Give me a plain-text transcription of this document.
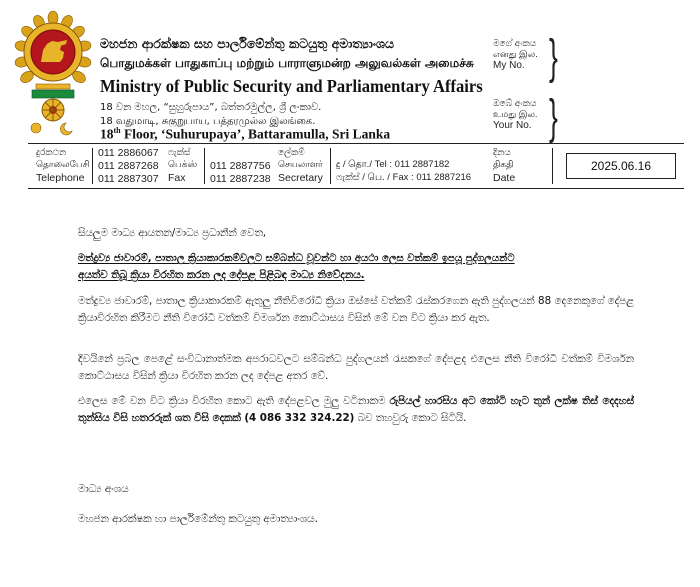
මහජන ආරක්ෂක සහ පාර්ලිමේන්තු කටයුතු අමාත්‍යාංශය
பொதுமக்கள் பாதுகாப்பு மற்றும் பாராளுமன்ற அலுவல்கள் அமைச்சு
Ministry of Public Security and Parliamentary Affairs
18 වන මහල, “සුහුරුපාය”, බත්තරමුල්ල, ශ්‍රී ලංකාව.
18 வதுமாடி, சுகுறுபாய, பத்தரமுல்ல இலங்கை.
18th Floor, ‘Suhurupaya’, Battaramulla, Sri Lanka
මගේ අංකය
எனது இல.
My No. }
ඔබේ අංකය
உமது இல.
Your No. }
දුරකථන
தொலைபேசி
Telephone
011 2886067
011 2887268
011 2887307
ෆැක්ස්
பெக்ஸ்
Fax
011 2887756
011 2887238
ලේකම්
செயலாளர்
Secretary
දු / தொ./ Tel : 011 2887182
ෆැක්ස් / பெ. / Fax : 011 2887216
දිනය
திகதி
Date
2025.06.16
සියලුම මාධ්‍ය ආයතන/මාධ්‍ය ප්‍රධානීන් වෙත,
මත්ද්‍රව්‍ය ජාවාරම්, පාතාල ක්‍රියාකාරකම්වලට සම්බන්ධ වූවන්ට හා අයථා ලෙස වත්කම් ඉපයූ පුද්ගලයන්ට
අයත්ව තිබූ ක්‍රියා විරහිත කරන ලද දේපළ පිළිබඳ මාධ්‍ය නිවේදනය.
මත්ද්‍රව්‍ය ජාවාරම්, පාතාල ක්‍රියාකාරකම් ඇතුලු නීතිවිරෝධී ක්‍රියා ඔස්සේ වත්කම් රැස්කරගෙන ඇති පුද්ගලයන් 88 දෙනෙකුගේ දේපළ ක්‍රියාවිරහිත කිරීමට නීති විරෝධී වත්කම් විමර්ශන කොට්ඨාසය විසින් මේ වන විට ක්‍රියා කර ඇත.
දිවයිනේ ප්‍රබල පෙළේ සංවිධානාත්මක අපරාධවලට සම්බන්ධ පුද්ගලයන් රැසකගේ දේපළද එලෙස නීති විරෝධී වත්කම් විමර්ශන කොට්ඨාසය විසින් ක්‍රියා විරහිත කරන ලද දේපළ අතර වේ.
එලෙස මේ වන විට ක්‍රියා විරහිත කොට ඇති දේපළවල මුලු වටිනාකම රුපියල් හාරසිය අට කෝටි හැට තුන් ලක්ෂ තිස් දෙදහස් තුන්සිය විසි හතරරුක් ශත විසි දෙකක් (4 086 332 324.22) බව තහවුරු කොට සිටියි.
මාධ්‍ය අංශය
මහජන ආරක්ෂක හා පාර්ලිමේන්තු කටයුතු අමාත්‍යාංශය.
